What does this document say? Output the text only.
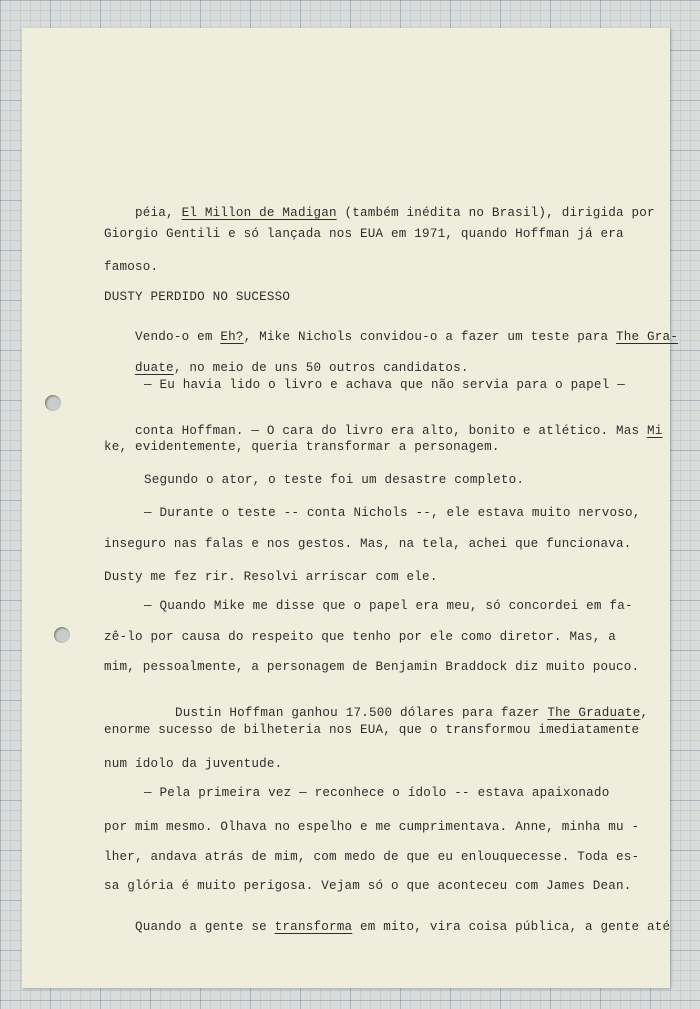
péia, El Millon de Madigan (também inédita no Brasil), dirigida por

Giorgio Gentili e só lançada nos EUA em 1971, quando Hoffman já era
famoso.
DUSTY PERDIDO NO SUCESSO

Vendo-o em Eh?, Mike Nichols convidou-o a fazer um teste para The Gra-

duate, no meio de uns 50 outros candidatos.

— Eu havia lido o livro e achava que não servia para o papel —

conta Hoffman. — O cara do livro era alto, bonito e atlético. Mas Mi

ke, evidentemente, queria transformar a personagem.
Segundo o ator, o teste foi um desastre completo.
— Durante o teste -- conta Nichols --, ele estava muito nervoso,
inseguro nas falas e nos gestos. Mas, na tela, achei que funcionava.
Dusty me fez rir. Resolvi arriscar com ele.
— Quando Mike me disse que o papel era meu, só concordei em fa-
zê-lo por causa do respeito que tenho por ele como diretor. Mas, a
mim, pessoalmente, a personagem de Benjamin Braddock diz muito pouco.

Dustin Hoffman ganhou 17.500 dólares para fazer The Graduate,

enorme sucesso de bilheteria nos EUA, que o transformou imediatamente
num ídolo da juventude.
— Pela primeira vez — reconhece o ídolo -- estava apaixonado
por mim mesmo. Olhava no espelho e me cumprimentava. Anne, minha mu -
lher, andava atrás de mim, com medo de que eu enlouquecesse. Toda es-
sa glória é muito perigosa. Vejam só o que aconteceu com James Dean.

Quando a gente se transforma em mito, vira coisa pública, a gente até
